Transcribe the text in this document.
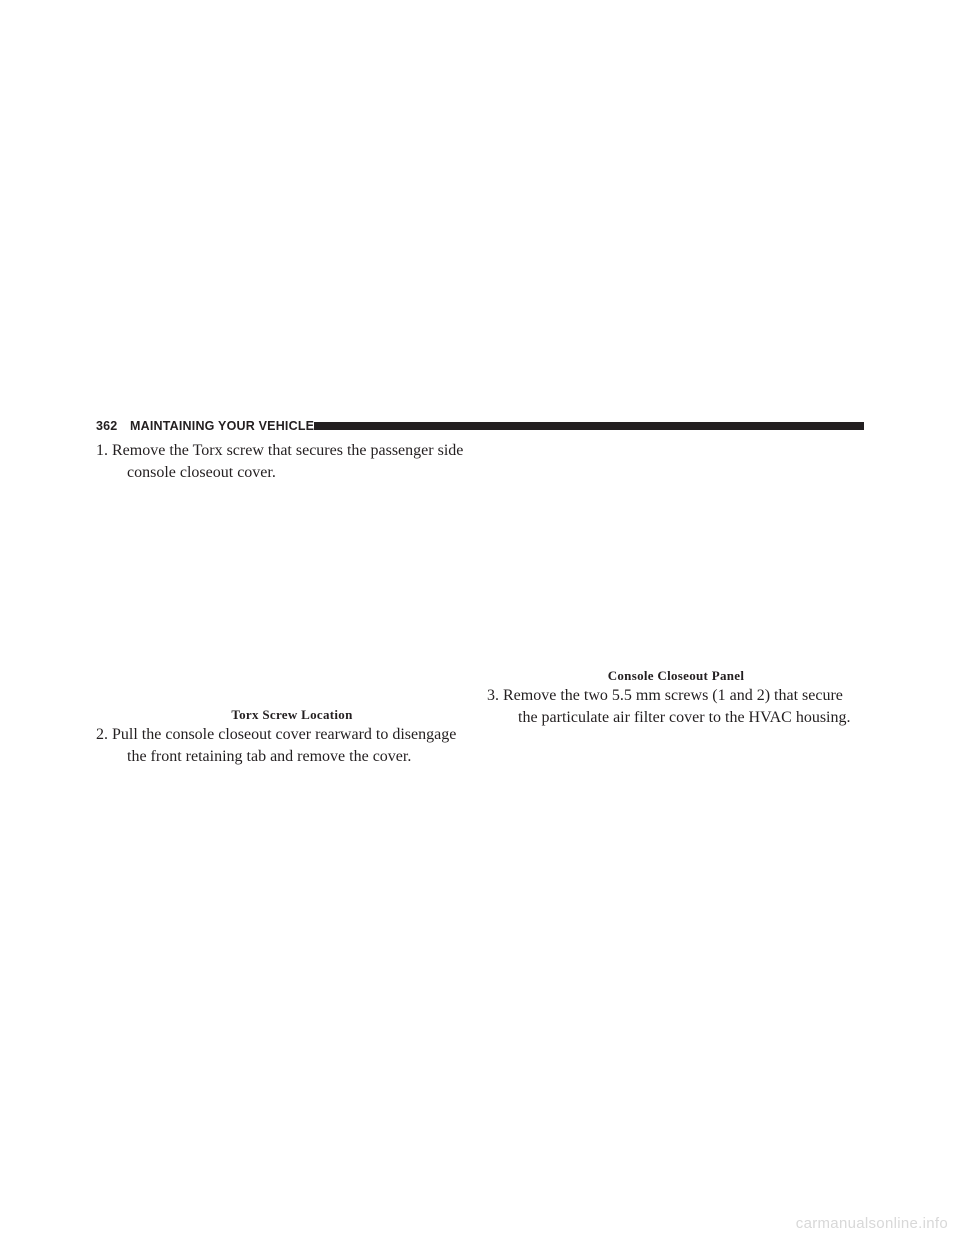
362 MAINTAINING YOUR VEHICLE
1. Remove the Torx screw that secures the passenger side
console closeout cover.
Torx Screw Location
2. Pull the console closeout cover rearward to disengage
the front retaining tab and remove the cover.
Console Closeout Panel
3. Remove the two 5.5 mm screws (1 and 2) that secure
the particulate air filter cover to the HVAC housing.
carmanualsonline.info
